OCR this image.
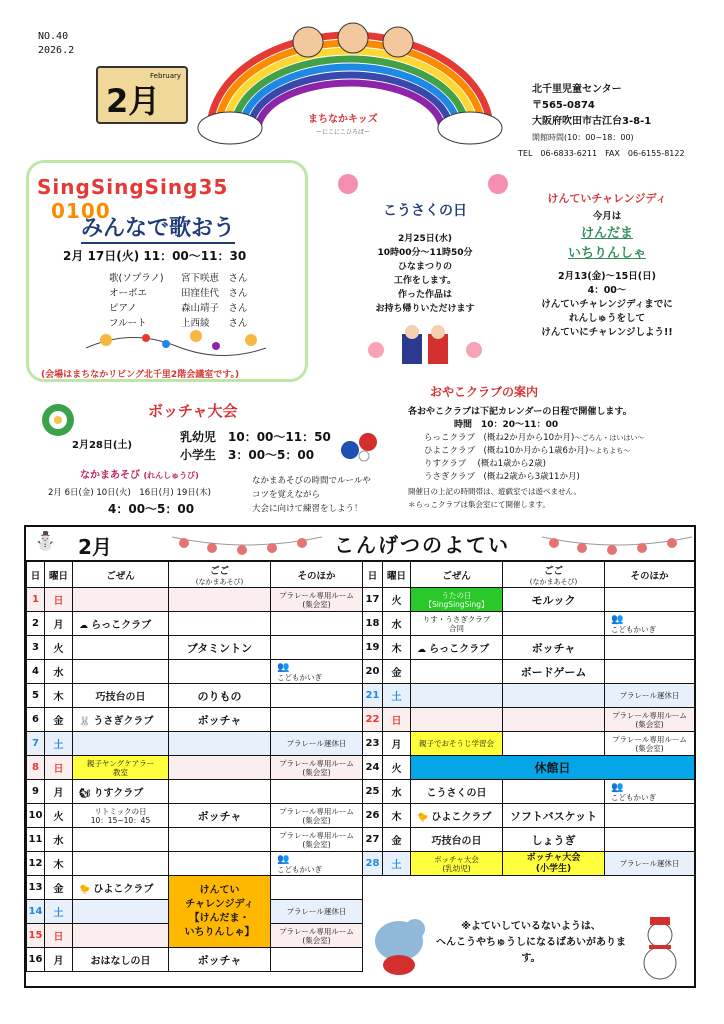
NO.40
2026.2
2月
February
まちなかキッズ
ーにこにこひろばー
北千里児童センター
〒565-0874
大阪府吹田市古江台3-8-1
開館時間(10：00~18：00)
TEL　06-6833-6211　FAX　06-6155-8122
SingSingSing35 0100
みんなで歌おう
2月 17日(火) 11：00～11：30
歌(ソプラノ) 宮下咲恵　さん
オーボエ	田窪佳代　さん
ピアノ	森山靖子　さん
フルート	上西綾　　さん
(会場はまちなかリビング北千里2階会議室です。)
こうさくの日
2月25日(水)
10時00分～11時50分
ひなまつりの
工作をします。
作った作品は
お持ち帰りいただけます
けんていチャレンジディ
今月は
けんだま
いちりんしゃ
2月13(金)～15日(日)
4：00～
けんていチャレンジディまでに
れんしゅうをして
けんていにチャレンジしよう!!
ボッチャ大会
2月28日(土)
乳幼児　10：00～11：50
小学生　3：00～5：00
なかまあそび (れんしゅうび)
2月 6日(金) 10日(火)　16日(月) 19日(木)
4：00～5：00
なかまあそびの時間でルールや
コツを覚えながら
大会に向けて練習をしよう！
おやこクラブの案内
各おやこクラブは下記カレンダーの日程で開催します。
時間　10：20～11：00
らっこクラブ　(概ね2か月から10か月)～ごろん・はいはい～
ひよこクラブ　(概ね10か月から1歳6か月)～よちよち～
りすクラブ　 (概ね1歳から2歳)
うさぎクラブ　(概ね2歳から3歳11か月)
開催日の上記の時間帯は、遊戯室では遊べません。
＊らっこクラブは集会室にて開催します。
⛄ 2月	こんげつのよてい
日	曜日	ごぜん	ごご
(なかまあそび)	そのほか
1	日			プラレール専用ルーム
(集会室)

2	月	☁ らっこクラブ		

3	火		ブタミントン	

4	水			👥
こどもかいぎ

5	木	巧技台の日	のりもの	

6	金	🐰 うさぎクラブ	ボッチャ	

7	土			プラレール運休日

8	日	親子ヤングケアラー
教室		プラレール専用ルーム
(集会室)

9	月	🐿 りすクラブ		

10	火	リトミックの日
10：15~10：45	ボッチャ	プラレール専用ルーム
(集会室)

11	水			プラレール専用ルーム
(集会室)

12	木			👥
こどもかいぎ

13	金	🐤 ひよこクラブ	けんてい
チャレンジディ
【けんだま・
いちりんしゃ】	

14	土			プラレール運休日

15	日			プラレール専用ルーム
(集会室)

16	月	おはなしの日	ボッチャ	
日	曜日	ごぜん	ごご
(なかまあそび)	そのほか
17	火	うたの日
【SingSingSing】	モルック	

18	水	りす・うさぎクラブ
合同		👥
こどもかいぎ

19	木	☁ らっこクラブ	ボッチャ	

20	金		ボードゲーム	

21	土			プラレール運休日

22	日			プラレール専用ルーム
(集会室)

23	月	親子でおそうじ学習会		プラレール専用ルーム
(集会室)

24	火	休館日		
25	水	こうさくの日		👥
こどもかいぎ

26	木	🐤 ひよこクラブ	ソフトバスケット	

27	金	巧技台の日	しょうぎ	

28	土	ボッチャ大会
(乳幼児)	ボッチャ大会
(小学生)	プラレール運休日
※よていしているないようは、
へんこうやちゅうしになるばあいがあります。
